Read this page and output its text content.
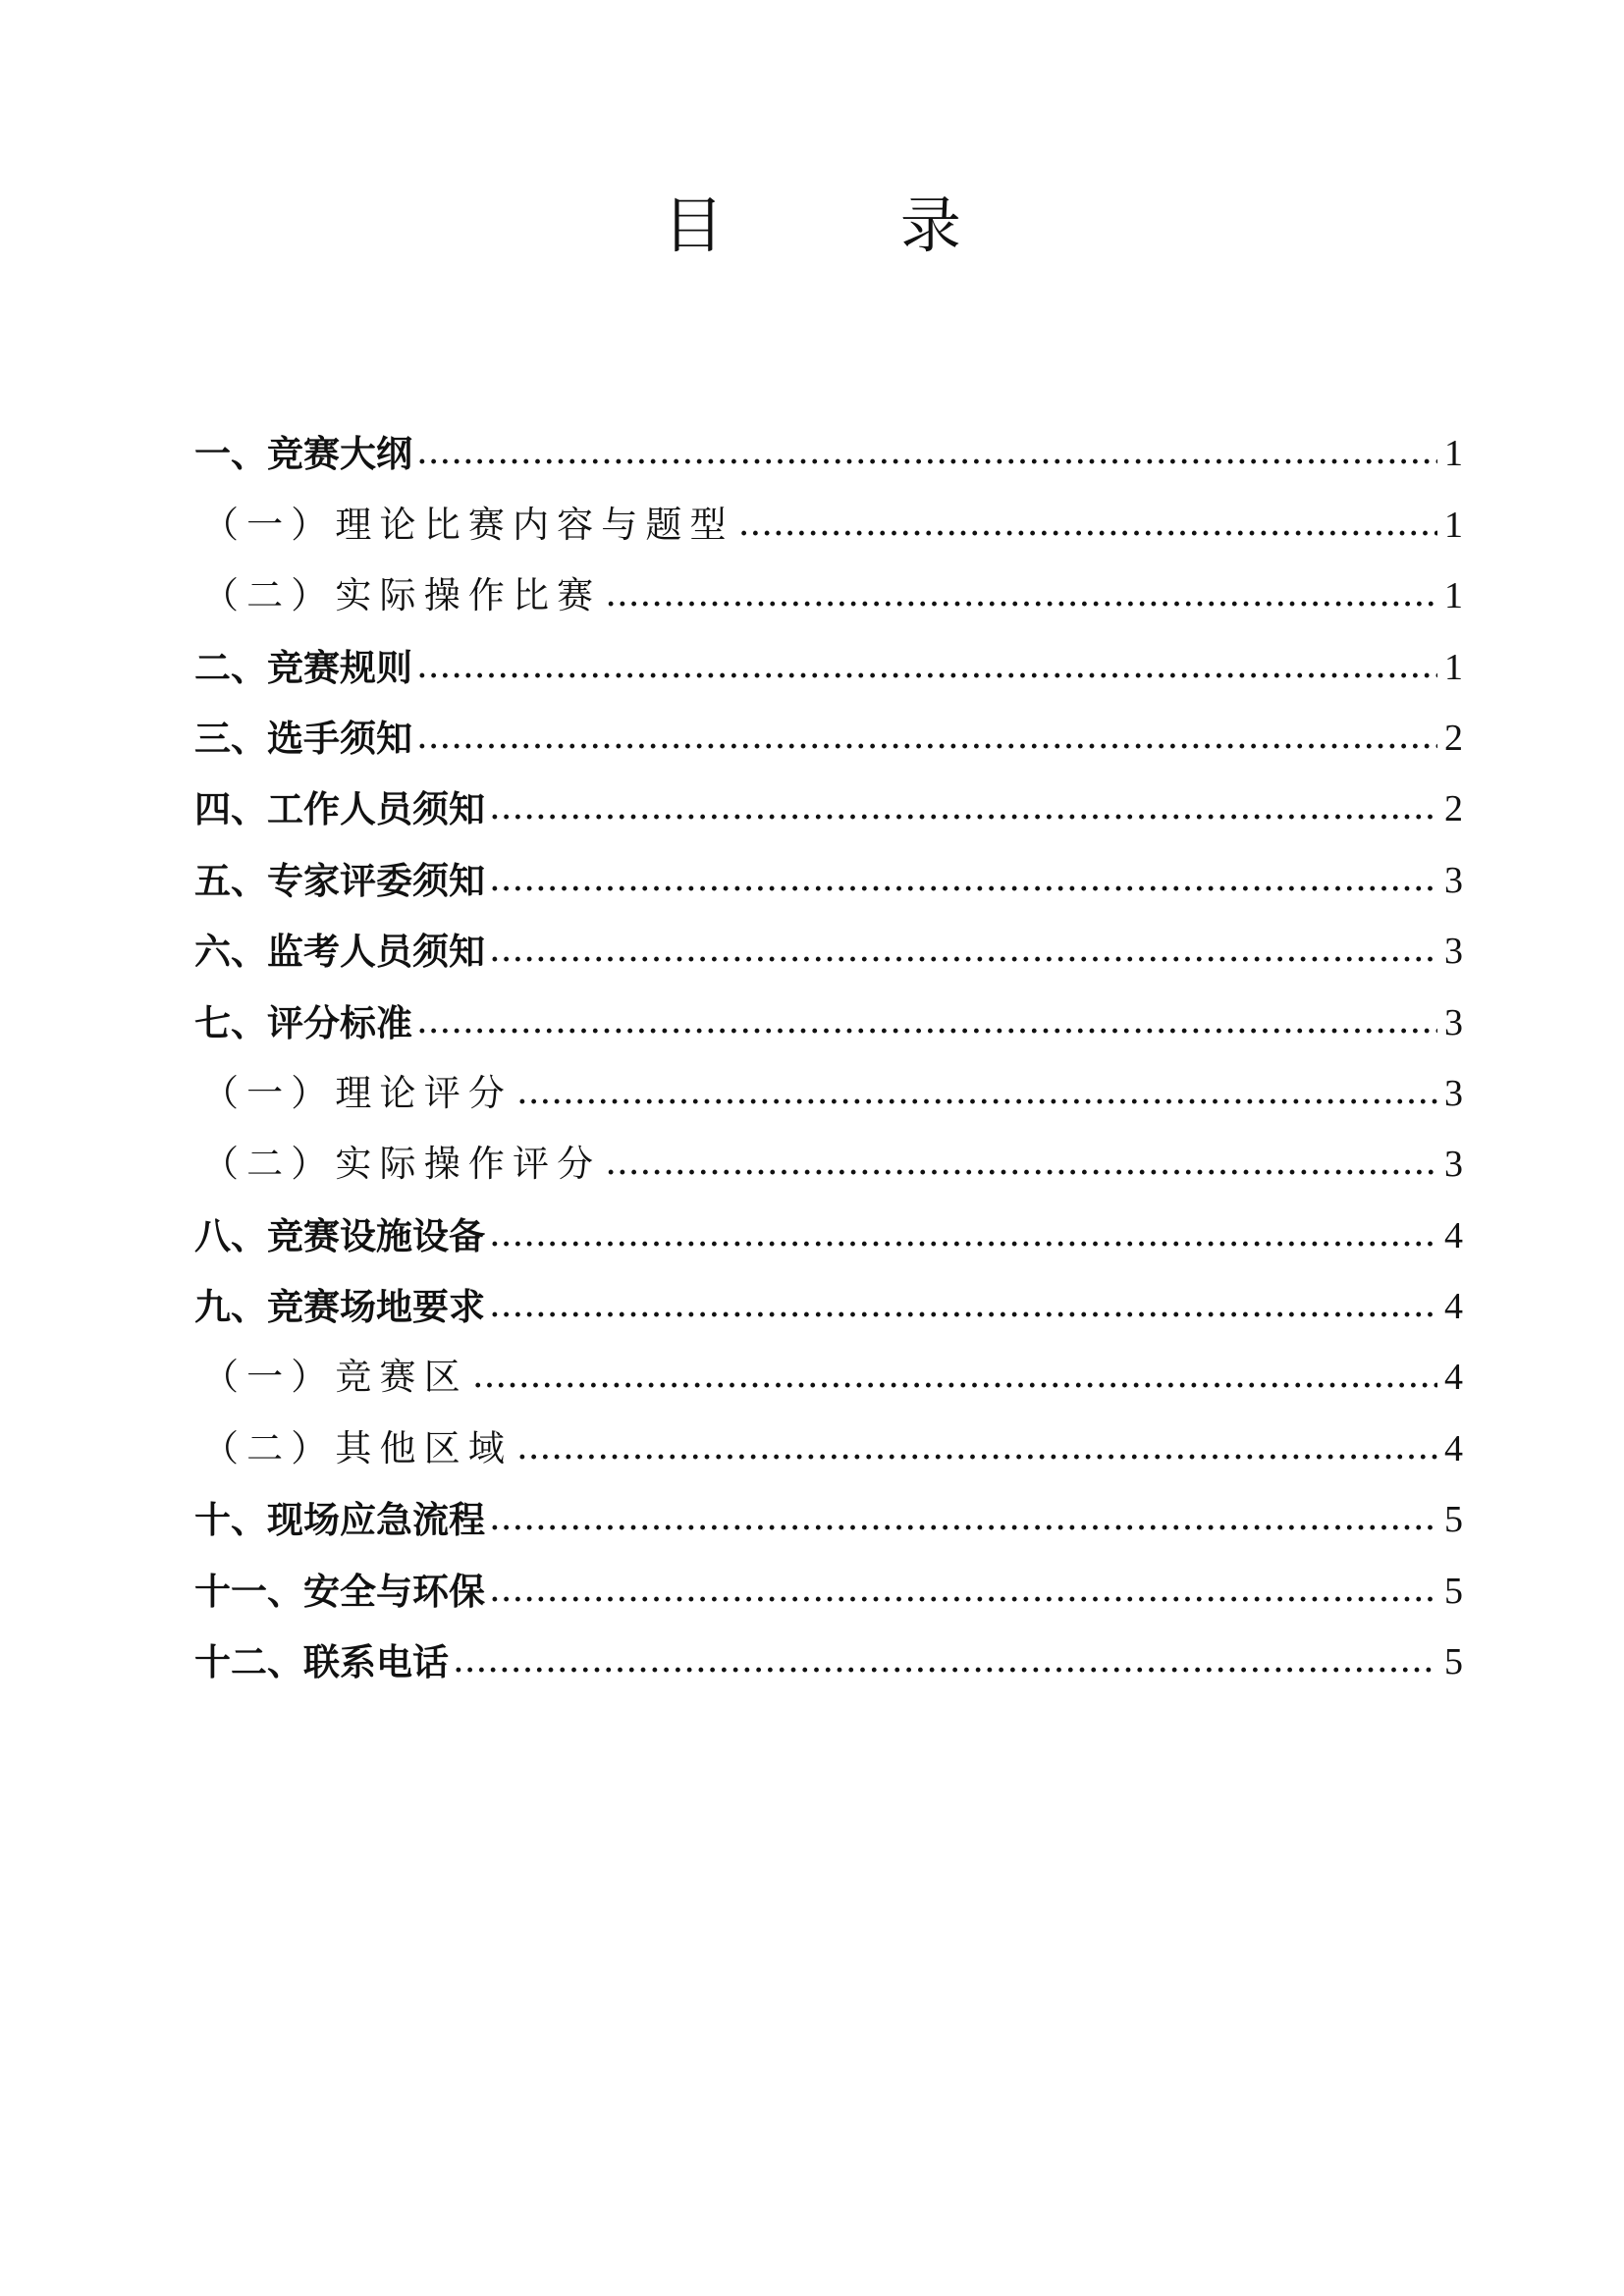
目　录
一、竞赛大纲 .....	1
（一）理论比赛内容与题型 .....	1
（二）实际操作比赛 .....	1
二、竞赛规则 .....	1
三、选手须知 .....	2
四、工作人员须知 .....	2
五、专家评委须知 .....	3
六、监考人员须知 .....	3
七、评分标准 .....	3
（一）理论评分 .....	3
（二）实际操作评分 .....	3
八、竞赛设施设备 .....	4
九、竞赛场地要求 .....	4
（一）竞赛区 .....	4
（二）其他区域 .....	4
十、现场应急流程 .....	5
十一、安全与环保 .....	5
十二、联系电话 .....	5
